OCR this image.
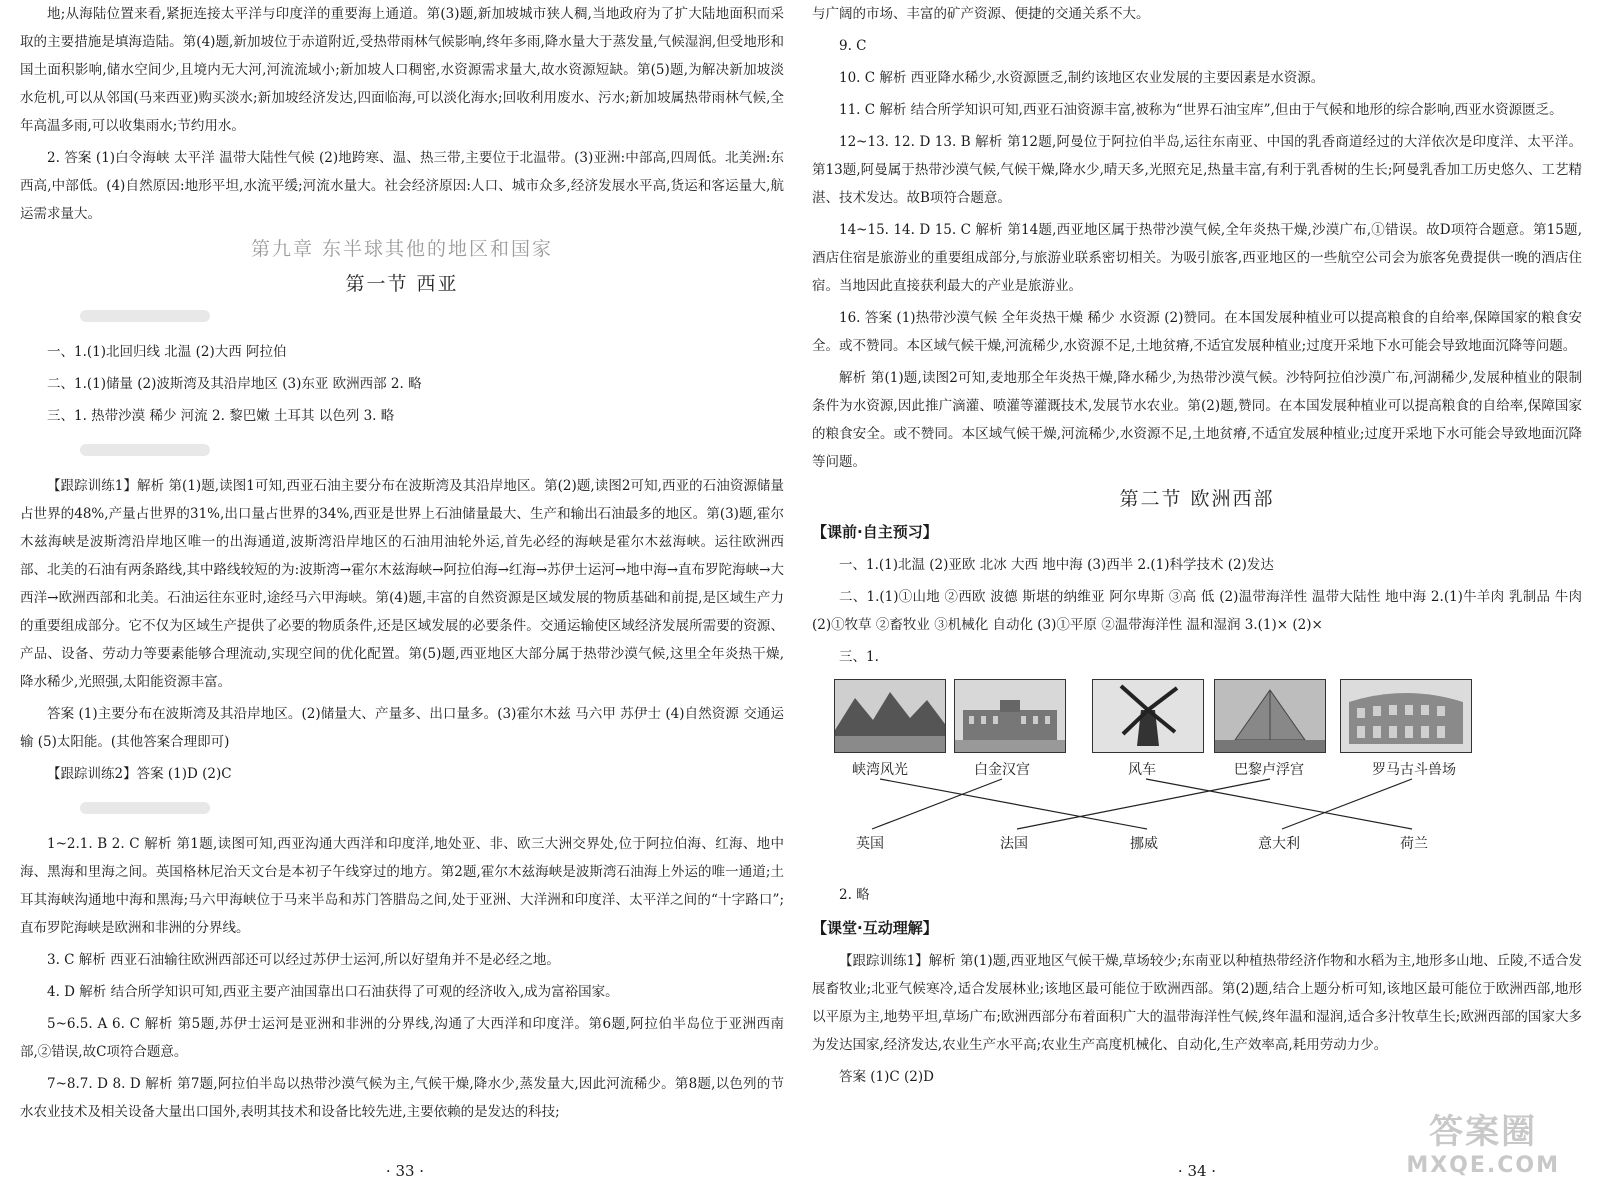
地;从海陆位置来看,紧扼连接太平洋与印度洋的重要海上通道。第(3)题,新加坡城市狭人稠,当地政府为了扩大陆地面积而采取的主要措施是填海造陆。第(4)题,新加坡位于赤道附近,受热带雨林气候影响,终年多雨,降水量大于蒸发量,气候湿润,但受地形和国土面积影响,储水空间少,且境内无大河,河流流域小;新加坡人口稠密,水资源需求量大,故水资源短缺。第(5)题,为解决新加坡淡水危机,可以从邻国(马来西亚)购买淡水;新加坡经济发达,四面临海,可以淡化海水;回收利用废水、污水;新加坡属热带雨林气候,全年高温多雨,可以收集雨水;节约用水。

2. 答案 (1)白令海峡 太平洋 温带大陆性气候 (2)地跨寒、温、热三带,主要位于北温带。(3)亚洲:中部高,四周低。北美洲:东西高,中部低。(4)自然原因:地形平坦,水流平缓;河流水量大。社会经济原因:人口、城市众多,经济发展水平高,货运和客运量大,航运需求量大。

第九章 东半球其他的地区和国家
第一节 西亚

一、1.(1)北回归线 北温 (2)大西 阿拉伯

二、1.(1)储量 (2)波斯湾及其沿岸地区 (3)东亚 欧洲西部 2. 略

三、1. 热带沙漠 稀少 河流 2. 黎巴嫩 土耳其 以色列 3. 略

【跟踪训练1】解析 第(1)题,读图1可知,西亚石油主要分布在波斯湾及其沿岸地区。第(2)题,读图2可知,西亚的石油资源储量占世界的48%,产量占世界的31%,出口量占世界的34%,西亚是世界上石油储量最大、生产和输出石油最多的地区。第(3)题,霍尔木兹海峡是波斯湾沿岸地区唯一的出海通道,波斯湾沿岸地区的石油用油轮外运,首先必经的海峡是霍尔木兹海峡。运往欧洲西部、北美的石油有两条路线,其中路线较短的为:波斯湾→霍尔木兹海峡→阿拉伯海→红海→苏伊士运河→地中海→直布罗陀海峡→大西洋→欧洲西部和北美。石油运往东亚时,途经马六甲海峡。第(4)题,丰富的自然资源是区域发展的物质基础和前提,是区域生产力的重要组成部分。它不仅为区域生产提供了必要的物质条件,还是区域发展的必要条件。交通运输使区域经济发展所需要的资源、产品、设备、劳动力等要素能够合理流动,实现空间的优化配置。第(5)题,西亚地区大部分属于热带沙漠气候,这里全年炎热干燥,降水稀少,光照强,太阳能资源丰富。

答案 (1)主要分布在波斯湾及其沿岸地区。(2)储量大、产量多、出口量多。(3)霍尔木兹 马六甲 苏伊士 (4)自然资源 交通运输 (5)太阳能。(其他答案合理即可)

【跟踪训练2】答案 (1)D (2)C

1~2.1. B 2. C 解析 第1题,读图可知,西亚沟通大西洋和印度洋,地处亚、非、欧三大洲交界处,位于阿拉伯海、红海、地中海、黑海和里海之间。英国格林尼治天文台是本初子午线穿过的地方。第2题,霍尔木兹海峡是波斯湾石油海上外运的唯一通道;土耳其海峡沟通地中海和黑海;马六甲海峡位于马来半岛和苏门答腊岛之间,处于亚洲、大洋洲和印度洋、太平洋之间的“十字路口”;直布罗陀海峡是欧洲和非洲的分界线。

3. C 解析 西亚石油输往欧洲西部还可以经过苏伊士运河,所以好望角并不是必经之地。

4. D 解析 结合所学知识可知,西亚主要产油国靠出口石油获得了可观的经济收入,成为富裕国家。

5~6.5. A 6. C 解析 第5题,苏伊士运河是亚洲和非洲的分界线,沟通了大西洋和印度洋。第6题,阿拉伯半岛位于亚洲西南部,②错误,故C项符合题意。

7~8.7. D 8. D 解析 第7题,阿拉伯半岛以热带沙漠气候为主,气候干燥,降水少,蒸发量大,因此河流稀少。第8题,以色列的节水农业技术及相关设备大量出口国外,表明其技术和设备比较先进,主要依赖的是发达的科技;

· 33 ·

与广阔的市场、丰富的矿产资源、便捷的交通关系不大。

9. C

10. C 解析 西亚降水稀少,水资源匮乏,制约该地区农业发展的主要因素是水资源。

11. C 解析 结合所学知识可知,西亚石油资源丰富,被称为“世界石油宝库”,但由于气候和地形的综合影响,西亚水资源匮乏。

12~13. 12. D 13. B 解析 第12题,阿曼位于阿拉伯半岛,运往东南亚、中国的乳香商道经过的大洋依次是印度洋、太平洋。第13题,阿曼属于热带沙漠气候,气候干燥,降水少,晴天多,光照充足,热量丰富,有利于乳香树的生长;阿曼乳香加工历史悠久、工艺精湛、技术发达。故B项符合题意。

14~15. 14. D 15. C 解析 第14题,西亚地区属于热带沙漠气候,全年炎热干燥,沙漠广布,①错误。故D项符合题意。第15题,酒店住宿是旅游业的重要组成部分,与旅游业联系密切相关。为吸引旅客,西亚地区的一些航空公司会为旅客免费提供一晚的酒店住宿。当地因此直接获利最大的产业是旅游业。

16. 答案 (1)热带沙漠气候 全年炎热干燥 稀少 水资源 (2)赞同。在本国发展种植业可以提高粮食的自给率,保障国家的粮食安全。或不赞同。本区域气候干燥,河流稀少,水资源不足,土地贫瘠,不适宜发展种植业;过度开采地下水可能会导致地面沉降等问题。

解析 第(1)题,读图2可知,麦地那全年炎热干燥,降水稀少,为热带沙漠气候。沙特阿拉伯沙漠广布,河湖稀少,发展种植业的限制条件为水资源,因此推广滴灌、喷灌等灌溉技术,发展节水农业。第(2)题,赞同。在本国发展种植业可以提高粮食的自给率,保障国家的粮食安全。或不赞同。本区域气候干燥,河流稀少,水资源不足,土地贫瘠,不适宜发展种植业;过度开采地下水可能会导致地面沉降等问题。

第二节 欧洲西部
【课前·自主预习】

一、1.(1)北温 (2)亚欧 北冰 大西 地中海 (3)西半 2.(1)科学技术 (2)发达

二、1.(1)①山地 ②西欧 波德 斯堪的纳维亚 阿尔卑斯 ③高 低 (2)温带海洋性 温带大陆性 地中海 2.(1)牛羊肉 乳制品 牛肉 (2)①牧草 ②畜牧业 ③机械化 自动化 (3)①平原 ②温带海洋性 温和湿润 3.(1)× (2)×

三、1.

峡湾风光	白金汉宫	风车	巴黎卢浮宫	罗马古斗兽场
英国	法国	挪威	意大利	荷兰

2. 略

【课堂·互动理解】

【跟踪训练1】解析 第(1)题,西亚地区气候干燥,草场较少;东南亚以种植热带经济作物和水稻为主,地形多山地、丘陵,不适合发展畜牧业;北亚气候寒冷,适合发展林业;该地区最可能位于欧洲西部。第(2)题,结合上题分析可知,该地区最可能位于欧洲西部,地形以平原为主,地势平坦,草场广布;欧洲西部分布着面积广大的温带海洋性气候,终年温和湿润,适合多汁牧草生长;欧洲西部的国家大多为发达国家,经济发达,农业生产水平高;农业生产高度机械化、自动化,生产效率高,耗用劳动力少。

答案 (1)C (2)D

· 34 ·
答案圈
MXQE.COM
